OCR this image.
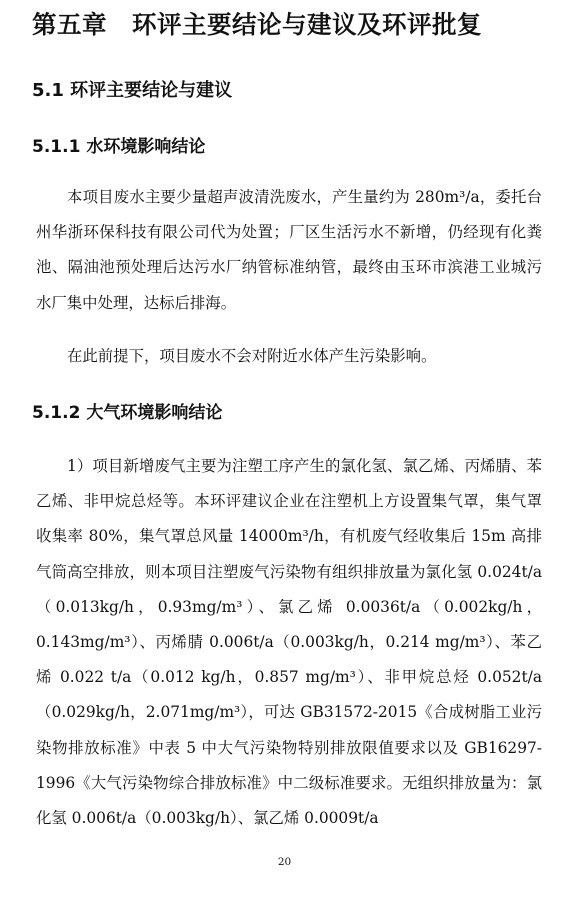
第五章　环评主要结论与建议及环评批复
5.1 环评主要结论与建议
5.1.1 水环境影响结论
本项目废水主要少量超声波清洗废水，产生量约为 280m³/a，委托台州华浙环保科技有限公司代为处置；厂区生活污水不新增，仍经现有化粪池、隔油池预处理后达污水厂纳管标准纳管，最终由玉环市滨港工业城污水厂集中处理，达标后排海。
在此前提下，项目废水不会对附近水体产生污染影响。
5.1.2 大气环境影响结论
1）项目新增废气主要为注塑工序产生的氯化氢、氯乙烯、丙烯腈、苯乙烯、非甲烷总烃等。本环评建议企业在注塑机上方设置集气罩，集气罩收集率 80%，集气罩总风量 14000m³/h，有机废气经收集后 15m 高排气筒高空排放，则本项目注塑废气污染物有组织排放量为氯化氢 0.024t/a（0.013kg/h，0.93mg/m³）、氯乙烯 0.0036t/a（0.002kg/h，0.143mg/m³）、丙烯腈 0.006t/a（0.003kg/h，0.214 mg/m³）、苯乙烯 0.022 t/a（0.012 kg/h，0.857 mg/m³）、非甲烷总烃 0.052t/a（0.029kg/h，2.071mg/m³），可达 GB31572-2015《合成树脂工业污染物排放标准》中表 5 中大气污染物特别排放限值要求以及 GB16297-1996《大气污染物综合排放标准》中二级标准要求。无组织排放量为：氯化氢 0.006t/a（0.003kg/h）、氯乙烯 0.0009t/a
20
